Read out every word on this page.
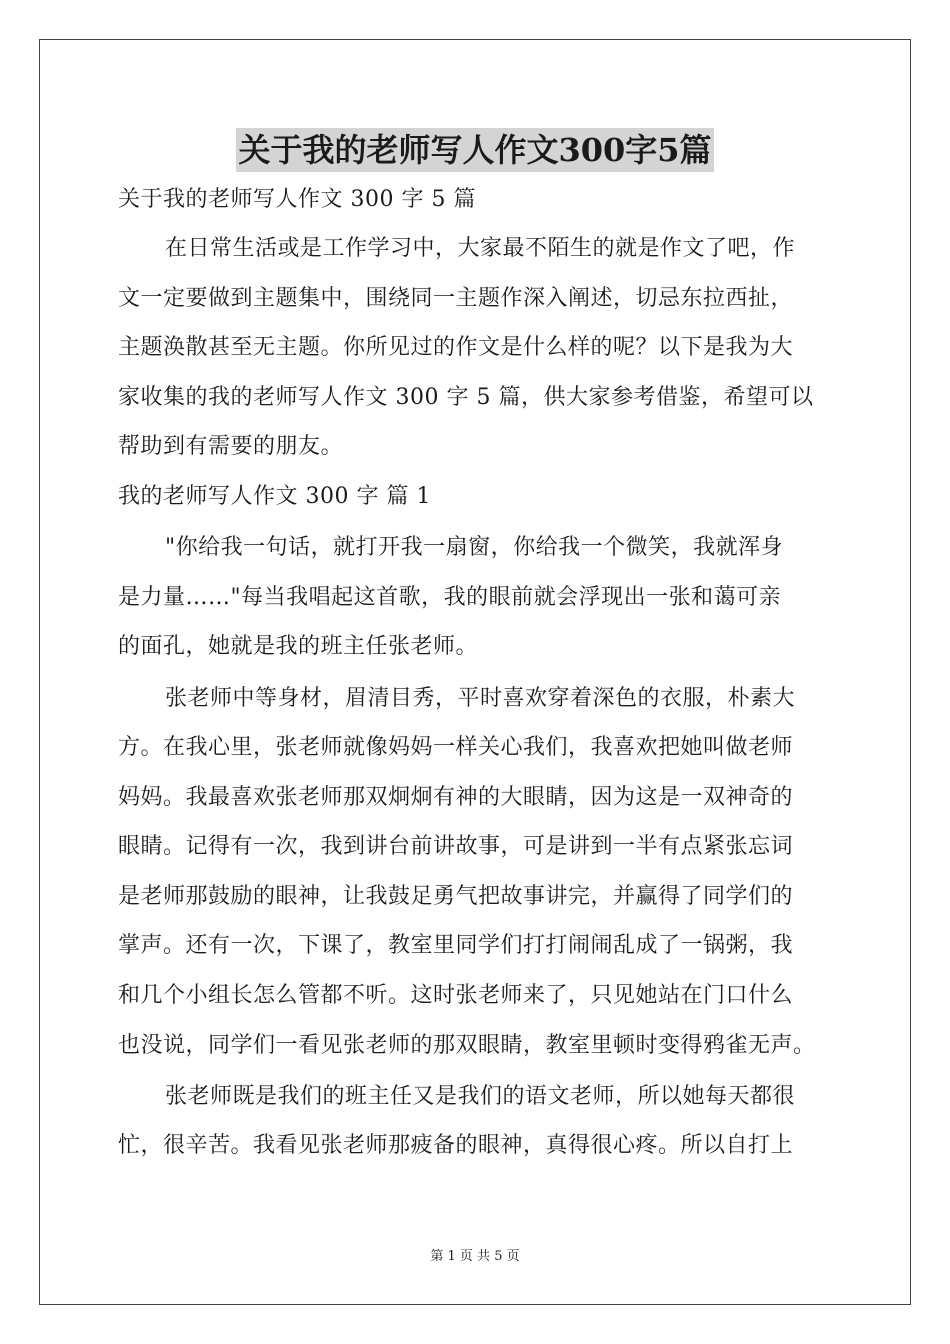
关于我的老师写人作文300字5篇
关于我的老师写人作文 300 字 5 篇
在日常生活或是工作学习中，大家最不陌生的就是作文了吧，作
文一定要做到主题集中，围绕同一主题作深入阐述，切忌东拉西扯，
主题涣散甚至无主题。你所见过的作文是什么样的呢？以下是我为大
家收集的我的老师写人作文 300 字 5 篇，供大家参考借鉴，希望可以
帮助到有需要的朋友。
我的老师写人作文 300 字 篇 1
"你给我一句话，就打开我一扇窗，你给我一个微笑，我就浑身
是力量……"每当我唱起这首歌，我的眼前就会浮现出一张和蔼可亲
的面孔，她就是我的班主任张老师。
张老师中等身材，眉清目秀，平时喜欢穿着深色的衣服，朴素大
方。在我心里，张老师就像妈妈一样关心我们，我喜欢把她叫做老师
妈妈。我最喜欢张老师那双炯炯有神的大眼睛，因为这是一双神奇的
眼睛。记得有一次，我到讲台前讲故事，可是讲到一半有点紧张忘词
是老师那鼓励的眼神，让我鼓足勇气把故事讲完，并赢得了同学们的
掌声。还有一次，下课了，教室里同学们打打闹闹乱成了一锅粥，我
和几个小组长怎么管都不听。这时张老师来了，只见她站在门口什么
也没说，同学们一看见张老师的那双眼睛，教室里顿时变得鸦雀无声。
张老师既是我们的班主任又是我们的语文老师，所以她每天都很
忙，很辛苦。我看见张老师那疲备的眼神，真得很心疼。所以自打上
第 1 页 共 5 页
